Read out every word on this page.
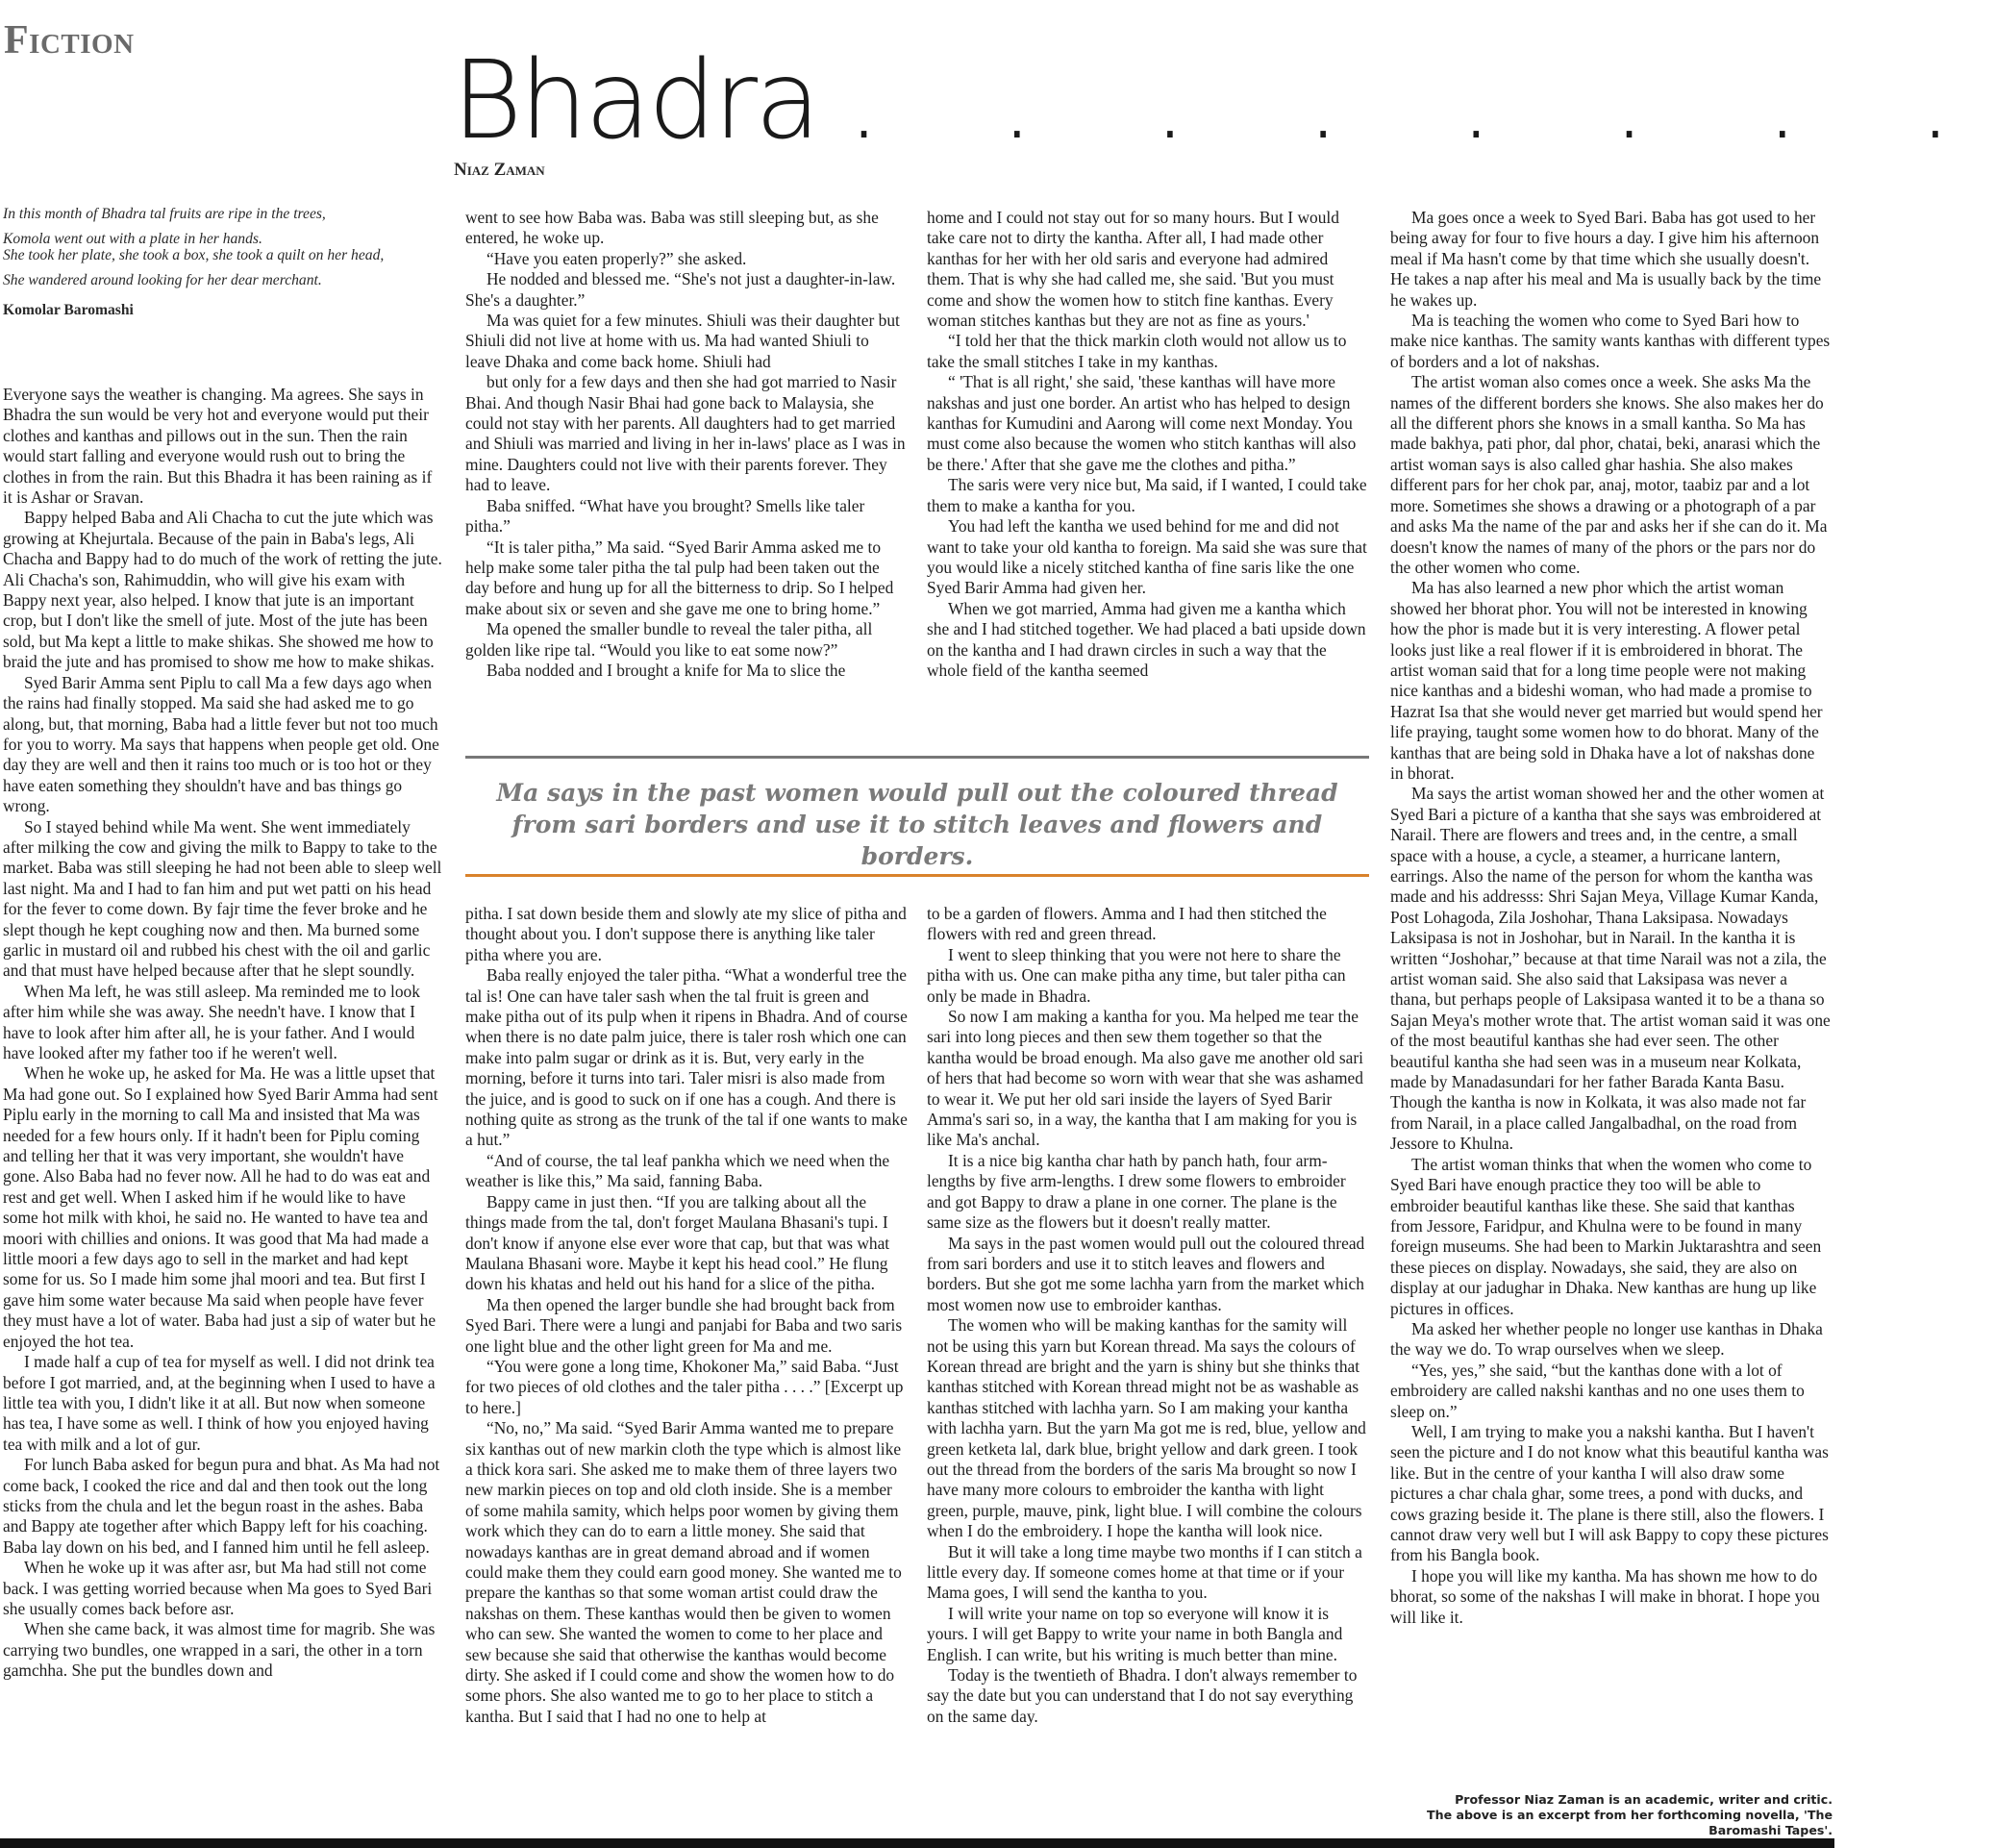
Fiction	Bhadra . . . . . . . .
Niaz Zaman

In this month of Bhadra tal fruits are ripe in the trees,

Komola went out with a plate in her hands.

She took her plate, she took a box, she took a quilt on her head,

She wandered around looking for her dear merchant.

Komolar Baromashi

Everyone says the weather is changing. Ma agrees. She says in Bhadra the sun would be very hot and everyone would put their clothes and kanthas and pillows out in the sun. Then the rain would start falling and everyone would rush out to bring the clothes in from the rain. But this Bhadra it has been raining as if it is Ashar or Sravan.

Bappy helped Baba and Ali Chacha to cut the jute which was growing at Khejurtala. Because of the pain in Baba's legs, Ali Chacha and Bappy had to do much of the work of retting the jute. Ali Chacha's son, Rahimuddin, who will give his exam with Bappy next year, also helped. I know that jute is an important crop, but I don't like the smell of jute. Most of the jute has been sold, but Ma kept a little to make shikas. She showed me how to braid the jute and has promised to show me how to make shikas.

Syed Barir Amma sent Piplu to call Ma a few days ago when the rains had finally stopped. Ma said she had asked me to go along, but, that morning, Baba had a little fever but not too much for you to worry. Ma says that happens when people get old. One day they are well and then it rains too much or is too hot or they have eaten something they shouldn't have and bas things go wrong.

So I stayed behind while Ma went. She went immediately after milking the cow and giving the milk to Bappy to take to the market. Baba was still sleeping he had not been able to sleep well last night. Ma and I had to fan him and put wet patti on his head for the fever to come down. By fajr time the fever broke and he slept though he kept coughing now and then. Ma burned some garlic in mustard oil and rubbed his chest with the oil and garlic and that must have helped because after that he slept soundly.

When Ma left, he was still asleep. Ma reminded me to look after him while she was away. She needn't have. I know that I have to look after him after all, he is your father. And I would have looked after my father too if he weren't well.

When he woke up, he asked for Ma. He was a little upset that Ma had gone out. So I explained how Syed Barir Amma had sent Piplu early in the morning to call Ma and insisted that Ma was needed for a few hours only. If it hadn't been for Piplu coming and telling her that it was very important, she wouldn't have gone. Also Baba had no fever now. All he had to do was eat and rest and get well. When I asked him if he would like to have some hot milk with khoi, he said no. He wanted to have tea and moori with chillies and onions. It was good that Ma had made a little moori a few days ago to sell in the market and had kept some for us. So I made him some jhal moori and tea. But first I gave him some water because Ma said when people have fever they must have a lot of water. Baba had just a sip of water but he enjoyed the hot tea.

I made half a cup of tea for myself as well. I did not drink tea before I got married, and, at the beginning when I used to have a little tea with you, I didn't like it at all. But now when someone has tea, I have some as well. I think of how you enjoyed having tea with milk and a lot of gur.

For lunch Baba asked for begun pura and bhat. As Ma had not come back, I cooked the rice and dal and then took out the long sticks from the chula and let the begun roast in the ashes. Baba and Bappy ate together after which Bappy left for his coaching. Baba lay down on his bed, and I fanned him until he fell asleep.

When he woke up it was after asr, but Ma had still not come back. I was getting worried because when Ma goes to Syed Bari she usually comes back before asr.

When she came back, it was almost time for magrib. She was carrying two bundles, one wrapped in a sari, the other in a torn gamchha. She put the bundles down and

went to see how Baba was. Baba was still sleeping but, as she entered, he woke up.

“Have you eaten properly?” she asked.

He nodded and blessed me. “She's not just a daughter-in-law. She's a daughter.”

Ma was quiet for a few minutes. Shiuli was their daughter but Shiuli did not live at home with us. Ma had wanted Shiuli to leave Dhaka and come back home. Shiuli had

but only for a few days and then she had got married to Nasir Bhai. And though Nasir Bhai had gone back to Malaysia, she could not stay with her parents. All daughters had to get married and Shiuli was married and living in her in-laws' place as I was in mine. Daughters could not live with their parents forever. They had to leave.

Baba sniffed. “What have you brought? Smells like taler pitha.”

“It is taler pitha,” Ma said. “Syed Barir Amma asked me to help make some taler pitha the tal pulp had been taken out the day before and hung up for all the bitterness to drip. So I helped make about six or seven and she gave me one to bring home.”

Ma opened the smaller bundle to reveal the taler pitha, all golden like ripe tal. “Would you like to eat some now?”

Baba nodded and I brought a knife for Ma to slice the

home and I could not stay out for so many hours. But I would take care not to dirty the kantha. After all, I had made other kanthas for her with her old saris and everyone had admired them. That is why she had called me, she said. 'But you must come and show the women how to stitch fine kanthas. Every woman stitches kanthas but they are not as fine as yours.'

“I told her that the thick markin cloth would not allow us to take the small stitches I take in my kanthas.

“ 'That is all right,' she said, 'these kanthas will have more nakshas and just one border. An artist who has helped to design kanthas for Kumudini and Aarong will come next Monday. You must come also because the women who stitch kanthas will also be there.' After that she gave me the clothes and pitha.”

The saris were very nice but, Ma said, if I wanted, I could take them to make a kantha for you.

You had left the kantha we used behind for me and did not want to take your old kantha to foreign. Ma said she was sure that you would like a nicely stitched kantha of fine saris like the one Syed Barir Amma had given her.

When we got married, Amma had given me a kantha which she and I had stitched together. We had placed a bati upside down on the kantha and I had drawn circles in such a way that the whole field of the kantha seemed

Ma says in the past women would pull out the coloured thread from sari borders and use it to stitch leaves and flowers and borders.

pitha. I sat down beside them and slowly ate my slice of pitha and thought about you. I don't suppose there is anything like taler pitha where you are.

Baba really enjoyed the taler pitha. “What a wonderful tree the tal is! One can have taler sash when the tal fruit is green and make pitha out of its pulp when it ripens in Bhadra. And of course when there is no date palm juice, there is taler rosh which one can make into palm sugar or drink as it is. But, very early in the morning, before it turns into tari. Taler misri is also made from the juice, and is good to suck on if one has a cough. And there is nothing quite as strong as the trunk of the tal if one wants to make a hut.”

“And of course, the tal leaf pankha which we need when the weather is like this,” Ma said, fanning Baba.

Bappy came in just then. “If you are talking about all the things made from the tal, don't forget Maulana Bhasani's tupi. I don't know if anyone else ever wore that cap, but that was what Maulana Bhasani wore. Maybe it kept his head cool.” He flung down his khatas and held out his hand for a slice of the pitha.

Ma then opened the larger bundle she had brought back from Syed Bari. There were a lungi and panjabi for Baba and two saris one light blue and the other light green for Ma and me.

“You were gone a long time, Khokoner Ma,” said Baba. “Just for two pieces of old clothes and the taler pitha . . . .” [Excerpt up to here.]

“No, no,” Ma said. “Syed Barir Amma wanted me to prepare six kanthas out of new markin cloth the type which is almost like a thick kora sari. She asked me to make them of three layers two new markin pieces on top and old cloth inside. She is a member of some mahila samity, which helps poor women by giving them work which they can do to earn a little money. She said that nowadays kanthas are in great demand abroad and if women could make them they could earn good money. She wanted me to prepare the kanthas so that some woman artist could draw the nakshas on them. These kanthas would then be given to women who can sew. She wanted the women to come to her place and sew because she said that otherwise the kanthas would become dirty. She asked if I could come and show the women how to do some phors. She also wanted me to go to her place to stitch a kantha. But I said that I had no one to help at

to be a garden of flowers. Amma and I had then stitched the flowers with red and green thread.

I went to sleep thinking that you were not here to share the pitha with us. One can make pitha any time, but taler pitha can only be made in Bhadra.

So now I am making a kantha for you. Ma helped me tear the sari into long pieces and then sew them together so that the kantha would be broad enough. Ma also gave me another old sari of hers that had become so worn with wear that she was ashamed to wear it. We put her old sari inside the layers of Syed Barir Amma's sari so, in a way, the kantha that I am making for you is like Ma's anchal.

It is a nice big kantha char hath by panch hath, four arm-lengths by five arm-lengths. I drew some flowers to embroider and got Bappy to draw a plane in one corner. The plane is the same size as the flowers but it doesn't really matter.

Ma says in the past women would pull out the coloured thread from sari borders and use it to stitch leaves and flowers and borders. But she got me some lachha yarn from the market which most women now use to embroider kanthas.

The women who will be making kanthas for the samity will not be using this yarn but Korean thread. Ma says the colours of Korean thread are bright and the yarn is shiny but she thinks that kanthas stitched with Korean thread might not be as washable as kanthas stitched with lachha yarn. So I am making your kantha with lachha yarn. But the yarn Ma got me is red, blue, yellow and green ketketa lal, dark blue, bright yellow and dark green. I took out the thread from the borders of the saris Ma brought so now I have many more colours to embroider the kantha with light green, purple, mauve, pink, light blue. I will combine the colours when I do the embroidery. I hope the kantha will look nice.

But it will take a long time maybe two months if I can stitch a little every day. If someone comes home at that time or if your Mama goes, I will send the kantha to you.

I will write your name on top so everyone will know it is yours. I will get Bappy to write your name in both Bangla and English. I can write, but his writing is much better than mine.

Today is the twentieth of Bhadra. I don't always remember to say the date but you can understand that I do not say everything on the same day.

Ma goes once a week to Syed Bari. Baba has got used to her being away for four to five hours a day. I give him his afternoon meal if Ma hasn't come by that time which she usually doesn't. He takes a nap after his meal and Ma is usually back by the time he wakes up.

Ma is teaching the women who come to Syed Bari how to make nice kanthas. The samity wants kanthas with different types of borders and a lot of nakshas.

The artist woman also comes once a week. She asks Ma the names of the different borders she knows. She also makes her do all the different phors she knows in a small kantha. So Ma has made bakhya, pati phor, dal phor, chatai, beki, anarasi which the artist woman says is also called ghar hashia. She also makes different pars for her chok par, anaj, motor, taabiz par and a lot more. Sometimes she shows a drawing or a photograph of a par and asks Ma the name of the par and asks her if she can do it. Ma doesn't know the names of many of the phors or the pars nor do the other women who come.

Ma has also learned a new phor which the artist woman showed her bhorat phor. You will not be interested in knowing how the phor is made but it is very interesting. A flower petal looks just like a real flower if it is embroidered in bhorat. The artist woman said that for a long time people were not making nice kanthas and a bideshi woman, who had made a promise to Hazrat Isa that she would never get married but would spend her life praying, taught some women how to do bhorat. Many of the kanthas that are being sold in Dhaka have a lot of nakshas done in bhorat.

Ma says the artist woman showed her and the other women at Syed Bari a picture of a kantha that she says was embroidered at Narail. There are flowers and trees and, in the centre, a small space with a house, a cycle, a steamer, a hurricane lantern, earrings. Also the name of the person for whom the kantha was made and his addresss: Shri Sajan Meya, Village Kumar Kanda, Post Lohagoda, Zila Joshohar, Thana Laksipasa. Nowadays Laksipasa is not in Joshohar, but in Narail. In the kantha it is written “Joshohar,” because at that time Narail was not a zila, the artist woman said. She also said that Laksipasa was never a thana, but perhaps people of Laksipasa wanted it to be a thana so Sajan Meya's mother wrote that. The artist woman said it was one of the most beautiful kanthas she had ever seen. The other beautiful kantha she had seen was in a museum near Kolkata, made by Manadasundari for her father Barada Kanta Basu. Though the kantha is now in Kolkata, it was also made not far from Narail, in a place called Jangalbadhal, on the road from Jessore to Khulna.

The artist woman thinks that when the women who come to Syed Bari have enough practice they too will be able to embroider beautiful kanthas like these. She said that kanthas from Jessore, Faridpur, and Khulna were to be found in many foreign museums. She had been to Markin Juktarashtra and seen these pieces on display. Nowadays, she said, they are also on display at our jadughar in Dhaka. New kanthas are hung up like pictures in offices.

Ma asked her whether people no longer use kanthas in Dhaka the way we do. To wrap ourselves when we sleep.

“Yes, yes,” she said, “but the kanthas done with a lot of embroidery are called nakshi kanthas and no one uses them to sleep on.”

Well, I am trying to make you a nakshi kantha. But I haven't seen the picture and I do not know what this beautiful kantha was like. But in the centre of your kantha I will also draw some pictures a char chala ghar, some trees, a pond with ducks, and cows grazing beside it. The plane is there still, also the flowers. I cannot draw very well but I will ask Bappy to copy these pictures from his Bangla book.

I hope you will like my kantha. Ma has shown me how to do bhorat, so some of the nakshas I will make in bhorat. I hope you will like it.

Professor Niaz Zaman is an academic, writer and critic.
The above is an excerpt from her forthcoming novella, 'The Baromashi Tapes'.
